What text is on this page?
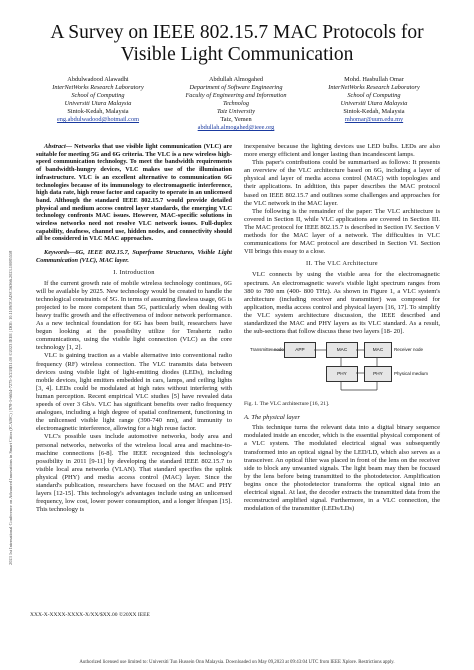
2023 1st International Conference on Advanced Innovations in Smart Cities (ICAISC) | 978-1-6654-7275-3/23/$31.00 ©2023 IEEE | DOI: 10.1109/ICAISC56366.2023.10085558
A Survey on IEEE 802.15.7 MAC Protocols for
Visible Light Communication
Abdulwadood Alawadhi
InterNetWorks Research Laboratory
School of Computing
Universiti Utara Malaysia
Sintok-Kedah, Malaysia
eng.abdulwadood@hotmail.com
Abdullah Almogahed
Department of Software Engineering
Faculty of Engineering and Information
Technolog
Taiz University
Taiz, Yemen
abdullah.almogahed@ieee.org
Mohd. Hasbullah Omar
InterNetWorks Research Laboratory
School of Computing
Universiti Utara Malaysia
Sintok-Kedah, Malaysia
mhomar@uum.edu.my

Abstract— Networks that use visible light communication (VLC) are suitable for meeting 5G and 6G criteria. The VLC is a new wireless high-speed communication technology. To meet the bandwidth requirements of bandwidth-hungry devices, VLC makes use of the illumination infrastructure. VLC is an excellent alternative to communication 6G technologies because of its immunology to electromagnetic interference, high data rate, high reuse factor and capacity to operate in an unlicensed band. Although the standard IEEE 802.15.7 would provide detailed physical and medium access control layer standards, the emerging VLC technology confronts MAC issues. However, MAC-specific solutions in wireless networks need not resolve VLC network issues. Full-duplex capability, deafness, channel use, hidden nodes, and connectivity should all be considered in VLC MAC approaches.

Keywords—6G, IEEE 802.15.7, Superframe Structures, Visible Light Communication (VLC), MAC layer.

I. Introduction

If the current growth rate of mobile wireless technology continues, 6G will be available by 2025. New technology would be created to handle the technological constraints of 5G. In terms of assuming flawless usage, 6G is projected to be more competent than 5G, particularly when dealing with heavy traffic growth and the effectiveness of indoor network performance. As a new technical foundation for 6G has been built, researchers have begun looking at the possibility utilize for Terahertz radio communications, using the visible light connection (VLC) as the core technology [1, 2].

VLC is gaining traction as a viable alternative into conventional radio frequency (RF) wireless connection. The VLC transmits data between devices using visible light of light-emitting diodes (LEDs), including mobile devices, light emitters embedded in cars, lamps, and ceiling lights [3, 4]. LEDs could be modulated at high rates without interfering with human perception. Recent empirical VLC studies [5] have revealed data speeds of over 3 Gb/s. VLC has significant benefits over radio frequency analogues, including a high degree of spatial confinement, functioning in the unlicensed visible light range (390-740 nm), and immunity to electromagnetic interference, allowing for a high reuse factor.

VLC's possible uses include automotive networks, body area and personal networks, networks of the wireless local area and machine-to-machine connections [6-8]. The IEEE recognized this technology's possibility in 2011 [9-11] by developing the standard IEEE 802.15.7 to visible local area networks (VLAN). That standard specifies the uplink physical (PHY) and media access control (MAC) layer. Since the standard's publication, researchers have focused on the MAC and PHY layers [12-15]. This technology's advantages include using an unlicensed frequency, low cost, lower power consumption, and a longer lifespan [15]. This technology is

inexpensive because the lighting devices use LED bulbs. LEDs are also more energy efficient and longer lasting than incandescent lamps.

This paper's contributions could be summarised as follows: It presents an overview of the VLC architecture based on 6G, including a layer of physical and layer of media access control (MAC) with topologies and their applications. In addition, this paper describes the MAC protocol based on IEEE 802.15.7 and outlines some challenges and approaches for the VLC network in the MAC layer.

The following is the remainder of the paper: The VLC architecture is covered in Section II, while VLC applications are covered in Section III. The MAC protocol for IEEE 802.15.7 is described in Section IV. Section V methods for the MAC layer of a network. The difficulties in VLC communications for MAC protocol are described in Section VI. Section VII brings this essay to a close.

II. The VLC Architecture

VLC connects by using the visible area for the electromagnetic spectrum. An electromagnetic wave's visible light spectrum ranges from 380 to 780 nm (400- 800 THz). As shown in Figure 1, a VLC system's architecture (including receiver and transmitter) was composed for application, media access control and physical layers [16, 17]. To simplify the VLC system architecture discussion, the IEEE described and standardized the MAC and PHY layers as its VLC standard. As a result, the sub-sections that follow discuss these two layers [18- 20].

Transmitter node	Receiver node
APP	MAC
PHY
MAC
PHY	Physical medium
Fig. 1. The VLC architecture [16, 21].
A. The physical layer

This technique turns the relevant data into a digital binary sequence modulated inside an encoder, which is the essential physical component of a VLC system. The modulated electrical signal was subsequently transformed into an optical signal by the LED/LD, which also serves as a transceiver. An optical filter was placed in front of the lens on the receiver side to block any unwanted signals. The light beam may then be focused by the lens before being transmitted to the photodetector. Amplification begins once the photodetector transforms the optical signal into an electrical signal. At last, the decoder extracts the transmitted data from the reconstructed amplified signal. Furthermore, in a VLC connection, the modulation of the transmitter (LEDs/LDs)

XXX-X-XXXX-XXXX-X/XX/$XX.00 ©20XX IEEE
Authorized licensed use limited to: Universiti Tun Hussein Onn Malaysia. Downloaded on May 09,2023 at 09:43:04 UTC from IEEE Xplore. Restrictions apply.
